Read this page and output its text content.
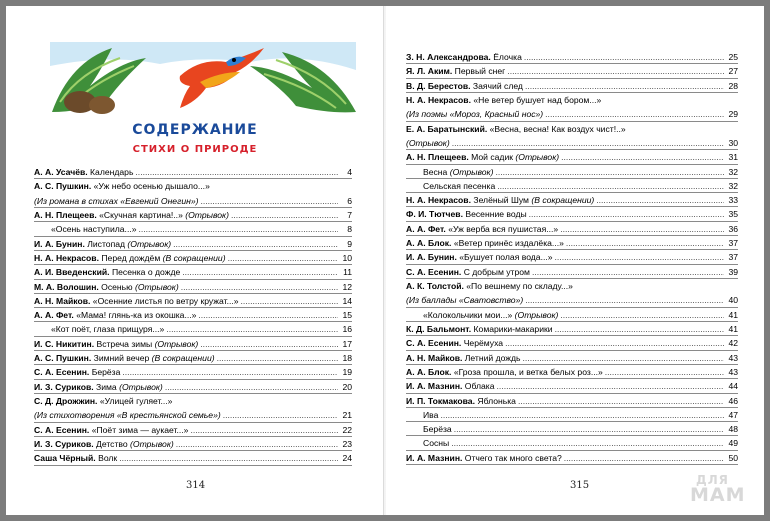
СОДЕРЖАНИЕ
СТИХИ О ПРИРОДЕ
А. А. Усачёв. Календарь .....	4
А. С. Пушкин. «Уж небо осенью дышало...»
(Из романа в стихах «Евгений Онегин») .....	6
А. Н. Плещеев. «Скучная картина!..» (Отрывок) .....	7
«Осень наступила...» .....	8
И. А. Бунин. Листопад (Отрывок) .....	9
Н. А. Некрасов. Перед дождём (В сокращении) .....	10
А. И. Введенский. Песенка о дожде .....	11
М. А. Волошин. Осенью (Отрывок) .....	12
А. Н. Майков. «Осенние листья по ветру кружат...» .....	14
А. А. Фет. «Мама! глянь-ка из окошка...» .....	15
«Кот поёт, глаза прищуря...» .....	16
И. С. Никитин. Встреча зимы (Отрывок) .....	17
А. С. Пушкин. Зимний вечер (В сокращении) .....	18
С. А. Есенин. Берёза .....	19
И. З. Суриков. Зима (Отрывок) .....	20
С. Д. Дрожжин. «Улицей гуляет...»
(Из стихотворения «В крестьянской семье») .....	21
С. А. Есенин. «Поёт зима — аукает...» .....	22
И. З. Суриков. Детство (Отрывок) .....	23
Саша Чёрный. Волк .....	24
314
З. Н. Александрова. Ёлочка .....	25
Я. Л. Аким. Первый снег .....	27
В. Д. Берестов. Заячий след .....	28
Н. А. Некрасов. «Не ветер бушует над бором...»
(Из поэмы «Мороз, Красный нос») .....	29
Е. А. Баратынский. «Весна, весна! Как воздух чист!..»
(Отрывок) .....	30
А. Н. Плещеев. Мой садик (Отрывок) .....	31
Весна (Отрывок) .....	32
Сельская песенка .....	32
Н. А. Некрасов. Зелёный Шум (В сокращении) .....	33
Ф. И. Тютчев. Весенние воды .....	35
А. А. Фет. «Уж верба вся пушистая...» .....	36
А. А. Блок. «Ветер принёс издалёка...» .....	37
И. А. Бунин. «Бушует полая вода...» .....	37
С. А. Есенин. С добрым утром .....	39
А. К. Толстой. «По вешнему по складу...»
(Из баллады «Сватовство») .....	40
«Колокольчики мои...» (Отрывок) .....	41
К. Д. Бальмонт. Комарики-макарики .....	41
С. А. Есенин. Черёмуха .....	42
А. Н. Майков. Летний дождь .....	43
А. А. Блок. «Гроза прошла, и ветка белых роз...» .....	43
И. А. Мазнин. Облака .....	44
И. П. Токмакова. Яблонька .....	46
Ива .....	47
Берёза .....	48
Сосны .....	49
И. А. Мазнин. Отчего так много света? .....	50
315	ДЛЯ
МАМ
